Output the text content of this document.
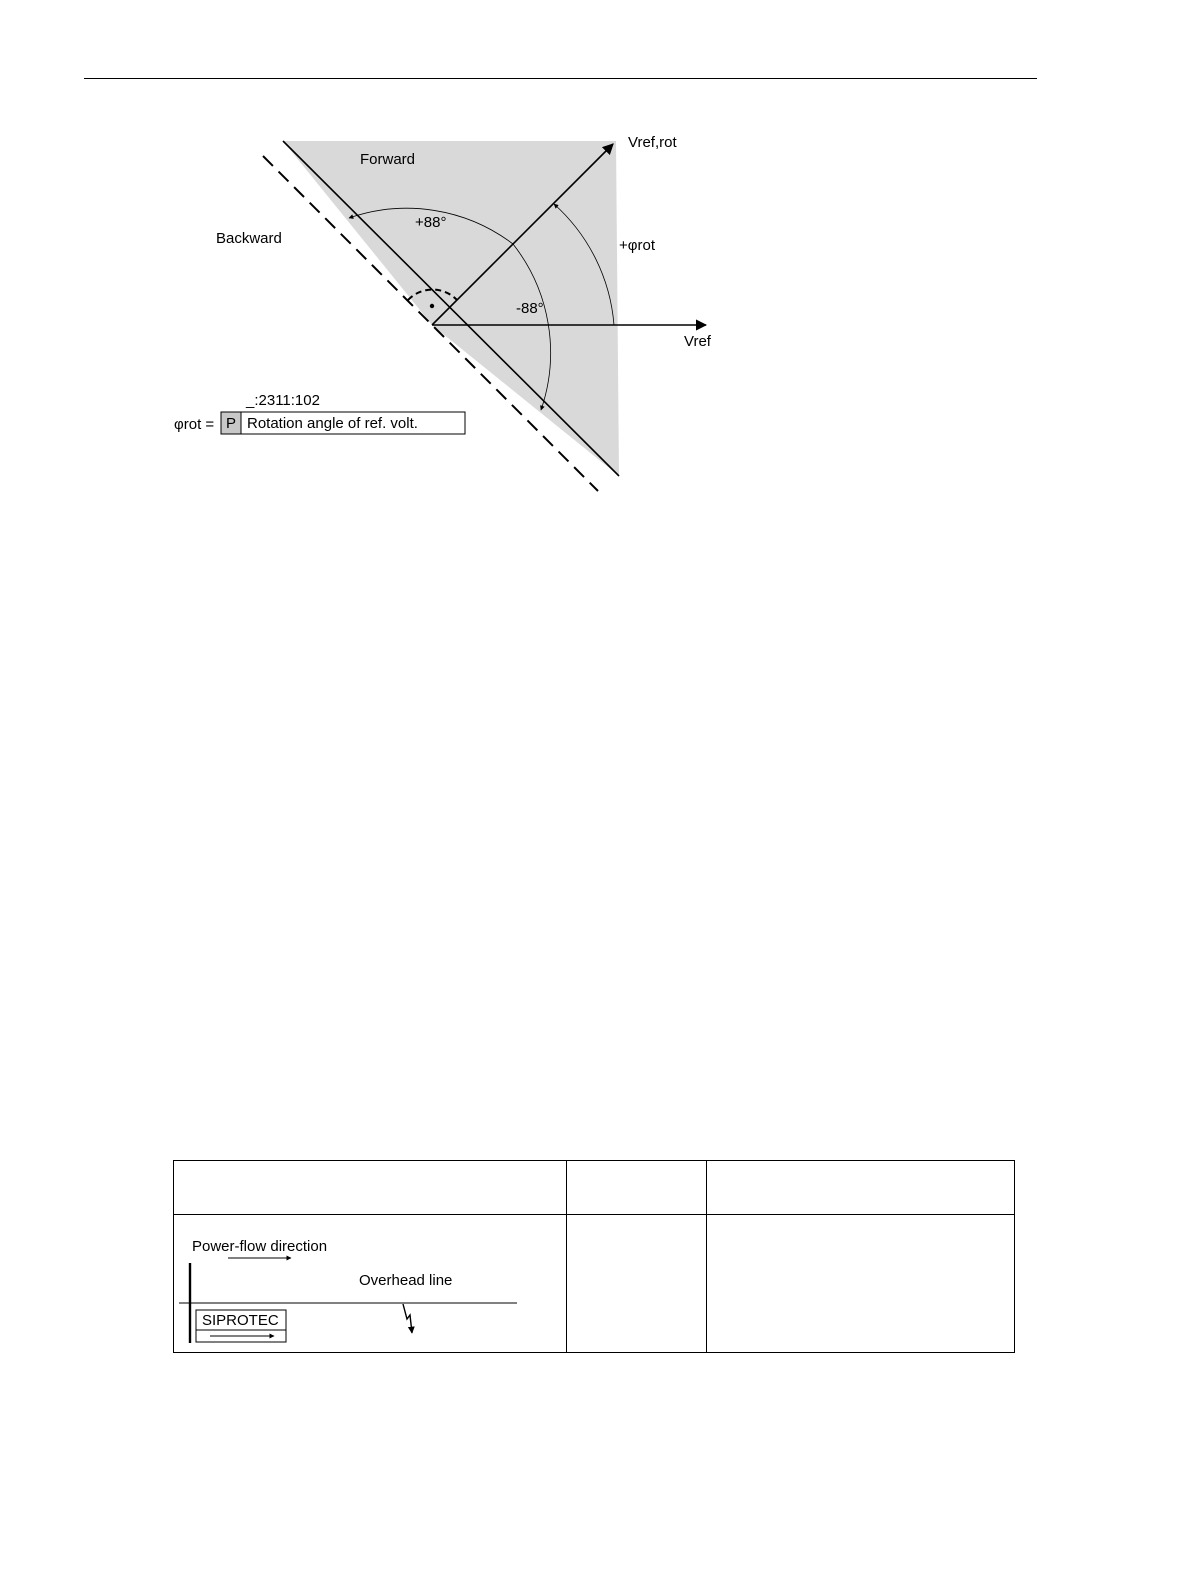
Forward
Backward
Vref,rot
Vref
+88°
-88°
+φrot
_:2311:102
φrot = P Rotation angle of ref. volt.

Power-flow direction
Overhead line
SIPROTEC		
